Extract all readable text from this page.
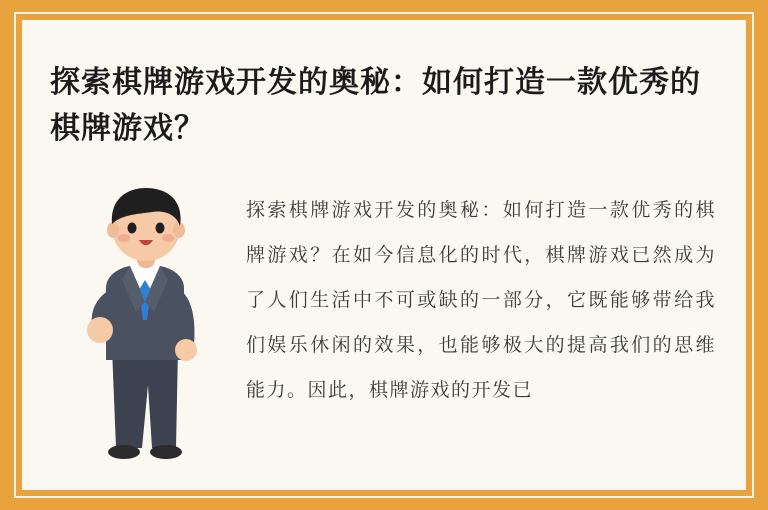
探索棋牌游戏开发的奥秘：如何打造一款优秀的棋牌游戏？
探索棋牌游戏开发的奥秘：如何打造一款优秀的棋牌游戏？在如今信息化的时代，棋牌游戏已然成为了人们生活中不可或缺的一部分，它既能够带给我们娱乐休闲的效果，也能够极大的提高我们的思维能力。因此，棋牌游戏的开发已
